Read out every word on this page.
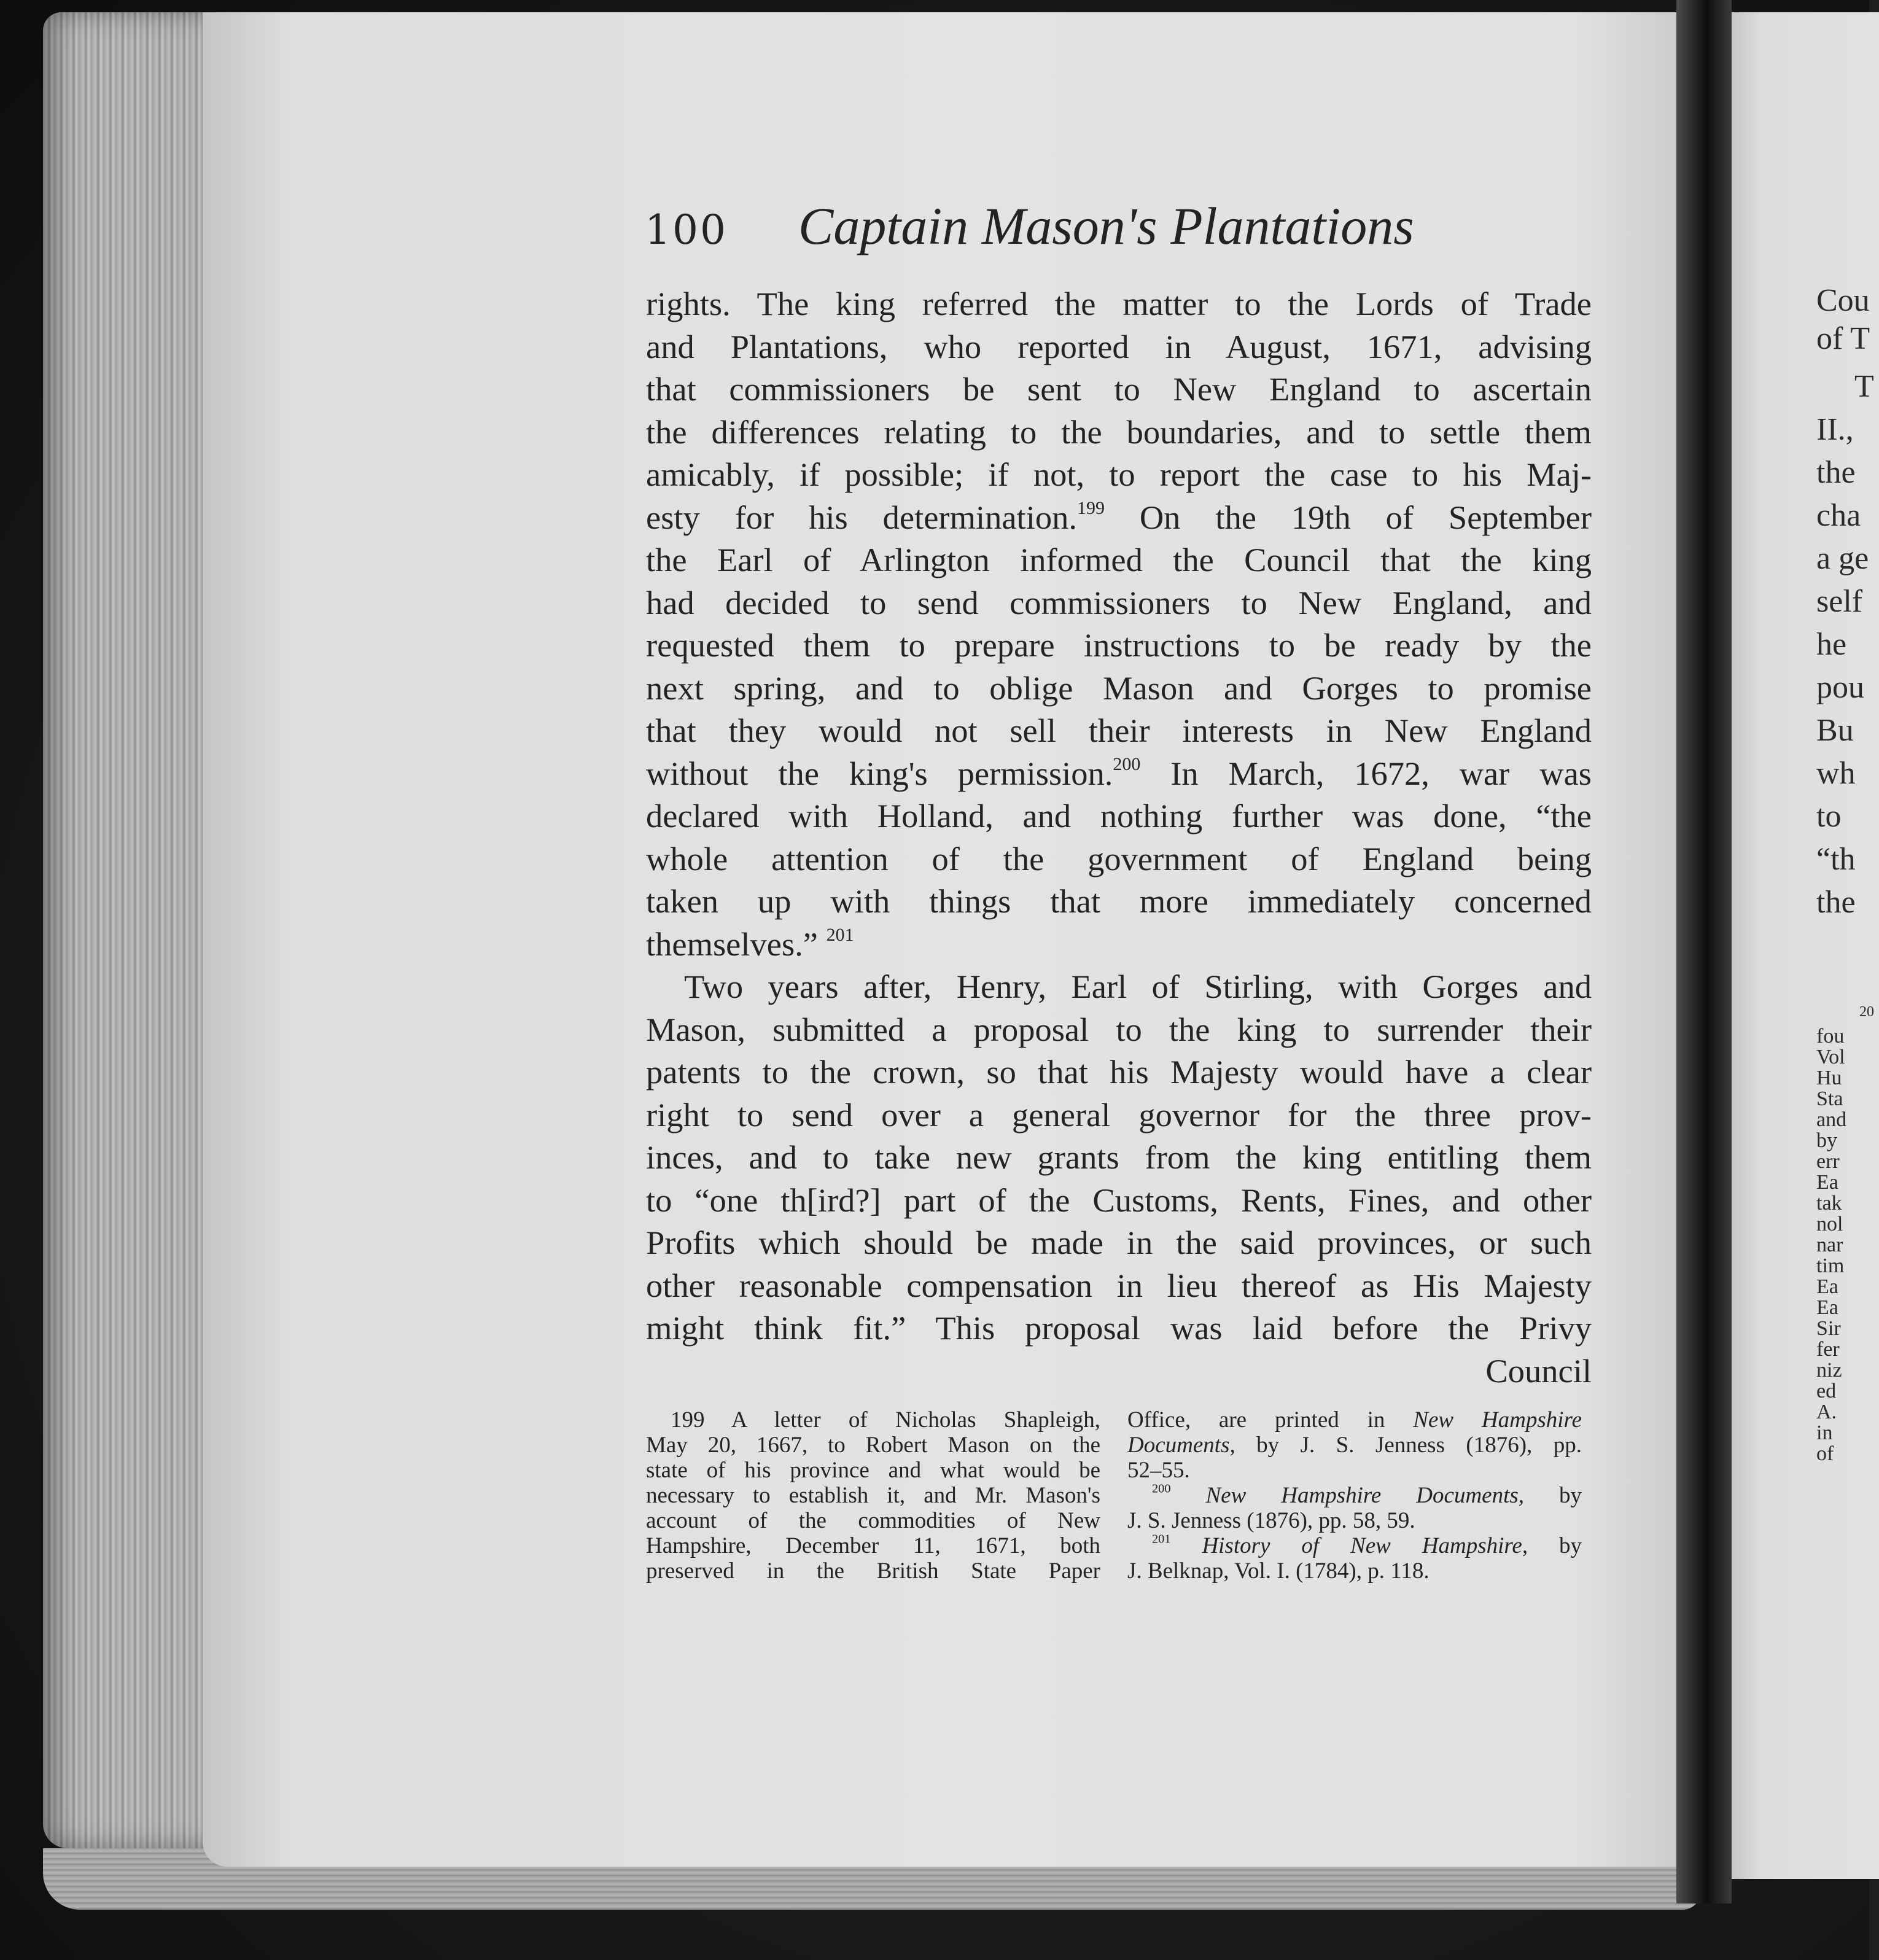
100 Captain Mason's Plantations

rights. The king referred the matter to the Lords of Trade

and Plantations, who reported in August, 1671, advising

that commissioners be sent to New England to ascertain

the differences relating to the boundaries, and to settle them

amicably, if possible; if not, to report the case to his Maj-

esty for his determination.$^{199}$ On the 19th of September

the Earl of Arlington informed the Council that the king

had decided to send commissioners to New England, and

requested them to prepare instructions to be ready by the

next spring, and to oblige Mason and Gorges to promise

that they would not sell their interests in New England

without the king's permission.$^{200}$ In March, 1672, war was

declared with Holland, and nothing further was done, “the

whole attention of the government of England being

taken up with things that more immediately concerned

themselves.” $^{201}$

Two years after, Henry, Earl of Stirling, with Gorges and

Mason, submitted a proposal to the king to surrender their

patents to the crown, so that his Majesty would have a clear

right to send over a general governor for the three prov-

inces, and to take new grants from the king entitling them

to “one th[ird?] part of the Customs, Rents, Fines, and other

Profits which should be made in the said provinces, or such

other reasonable compensation in lieu thereof as His Majesty

might think fit.” This proposal was laid before the Privy

Council

199 A letter of Nicholas Shapleigh,

May 20, 1667, to Robert Mason on the

state of his province and what would be

necessary to establish it, and Mr. Mason's

account of the commodities of New

Hampshire, December 11, 1671, both

preserved in the British State Paper

Office, are printed in New Hampshire

Documents, by J. S. Jenness (1876), pp.

52–55.

$^{200}$ New Hampshire Documents, by

J. S. Jenness (1876), pp. 58, 59.

$^{201}$ History of New Hampshire, by

J. Belknap, Vol. I. (1784), p. 118.

Cou
of T
T
II.,
the
cha
a ge
self
he
pou
Bu
wh
to
“th
the
20
fou
Vol
Hu
Sta
and
by
err
Ea
tak
nol
nar
tim
Ea
Ea
Sir
fer
niz
ed
A.
in
of
